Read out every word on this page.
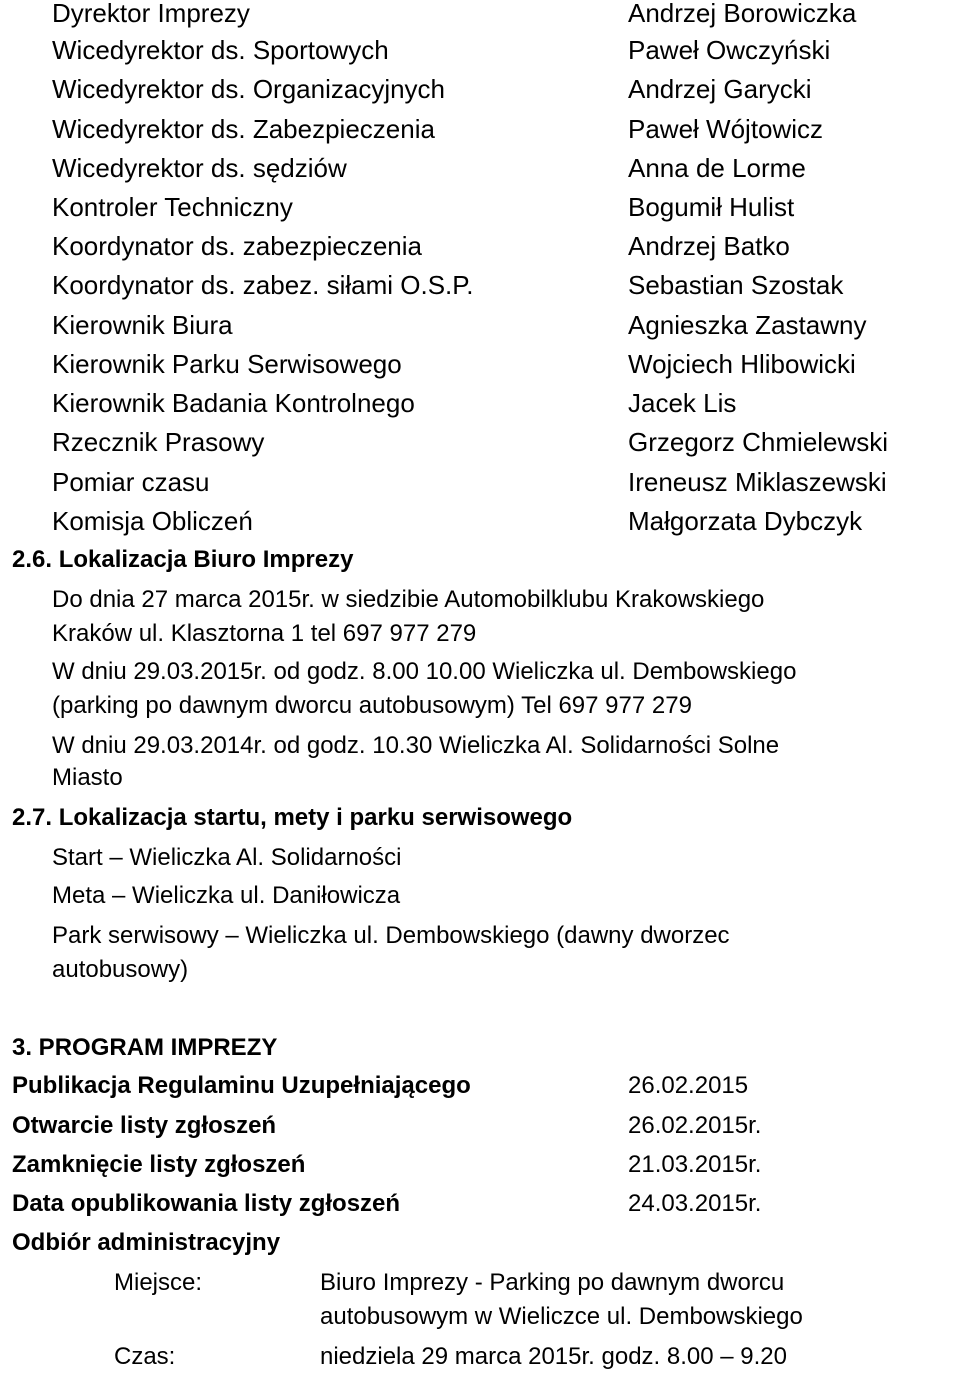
Dyrektor Imprezy	Andrzej Borowiczka
Wicedyrektor ds. Sportowych	Paweł Owczyński
Wicedyrektor ds. Organizacyjnych	Andrzej Garycki
Wicedyrektor ds. Zabezpieczenia	Paweł Wójtowicz
Wicedyrektor ds. sędziów	Anna de Lorme
Kontroler Techniczny	Bogumił Hulist
Koordynator ds. zabezpieczenia	Andrzej Batko
Koordynator ds. zabez. siłami O.S.P.	Sebastian Szostak
Kierownik Biura	Agnieszka Zastawny
Kierownik Parku Serwisowego	Wojciech Hlibowicki
Kierownik Badania Kontrolnego	Jacek Lis
Rzecznik Prasowy	Grzegorz Chmielewski
Pomiar czasu	Ireneusz Miklaszewski
Komisja Obliczeń	Małgorzata Dybczyk
2.6. Lokalizacja Biuro Imprezy
Do dnia 27 marca 2015r. w siedzibie Automobilklubu Krakowskiego
Kraków ul. Klasztorna 1 tel 697 977 279
W dniu 29.03.2015r. od godz. 8.00 10.00 Wieliczka ul. Dembowskiego
(parking po dawnym dworcu autobusowym) Tel 697 977 279
W dniu 29.03.2014r. od godz. 10.30 Wieliczka Al. Solidarności Solne
Miasto
2.7. Lokalizacja startu, mety i parku serwisowego
Start – Wieliczka Al. Solidarności
Meta – Wieliczka ul. Daniłowicza
Park serwisowy – Wieliczka ul. Dembowskiego (dawny dworzec
autobusowy)
3. PROGRAM IMPREZY
Publikacja Regulaminu Uzupełniającego	26.02.2015
Otwarcie listy zgłoszeń	26.02.2015r.
Zamknięcie listy zgłoszeń	21.03.2015r.
Data opublikowania listy zgłoszeń	24.03.2015r.
Odbiór administracyjny
Miejsce:	Biuro Imprezy - Parking po dawnym dworcu
autobusowym w Wieliczce ul. Dembowskiego
Czas:	niedziela 29 marca 2015r. godz. 8.00 – 9.20
